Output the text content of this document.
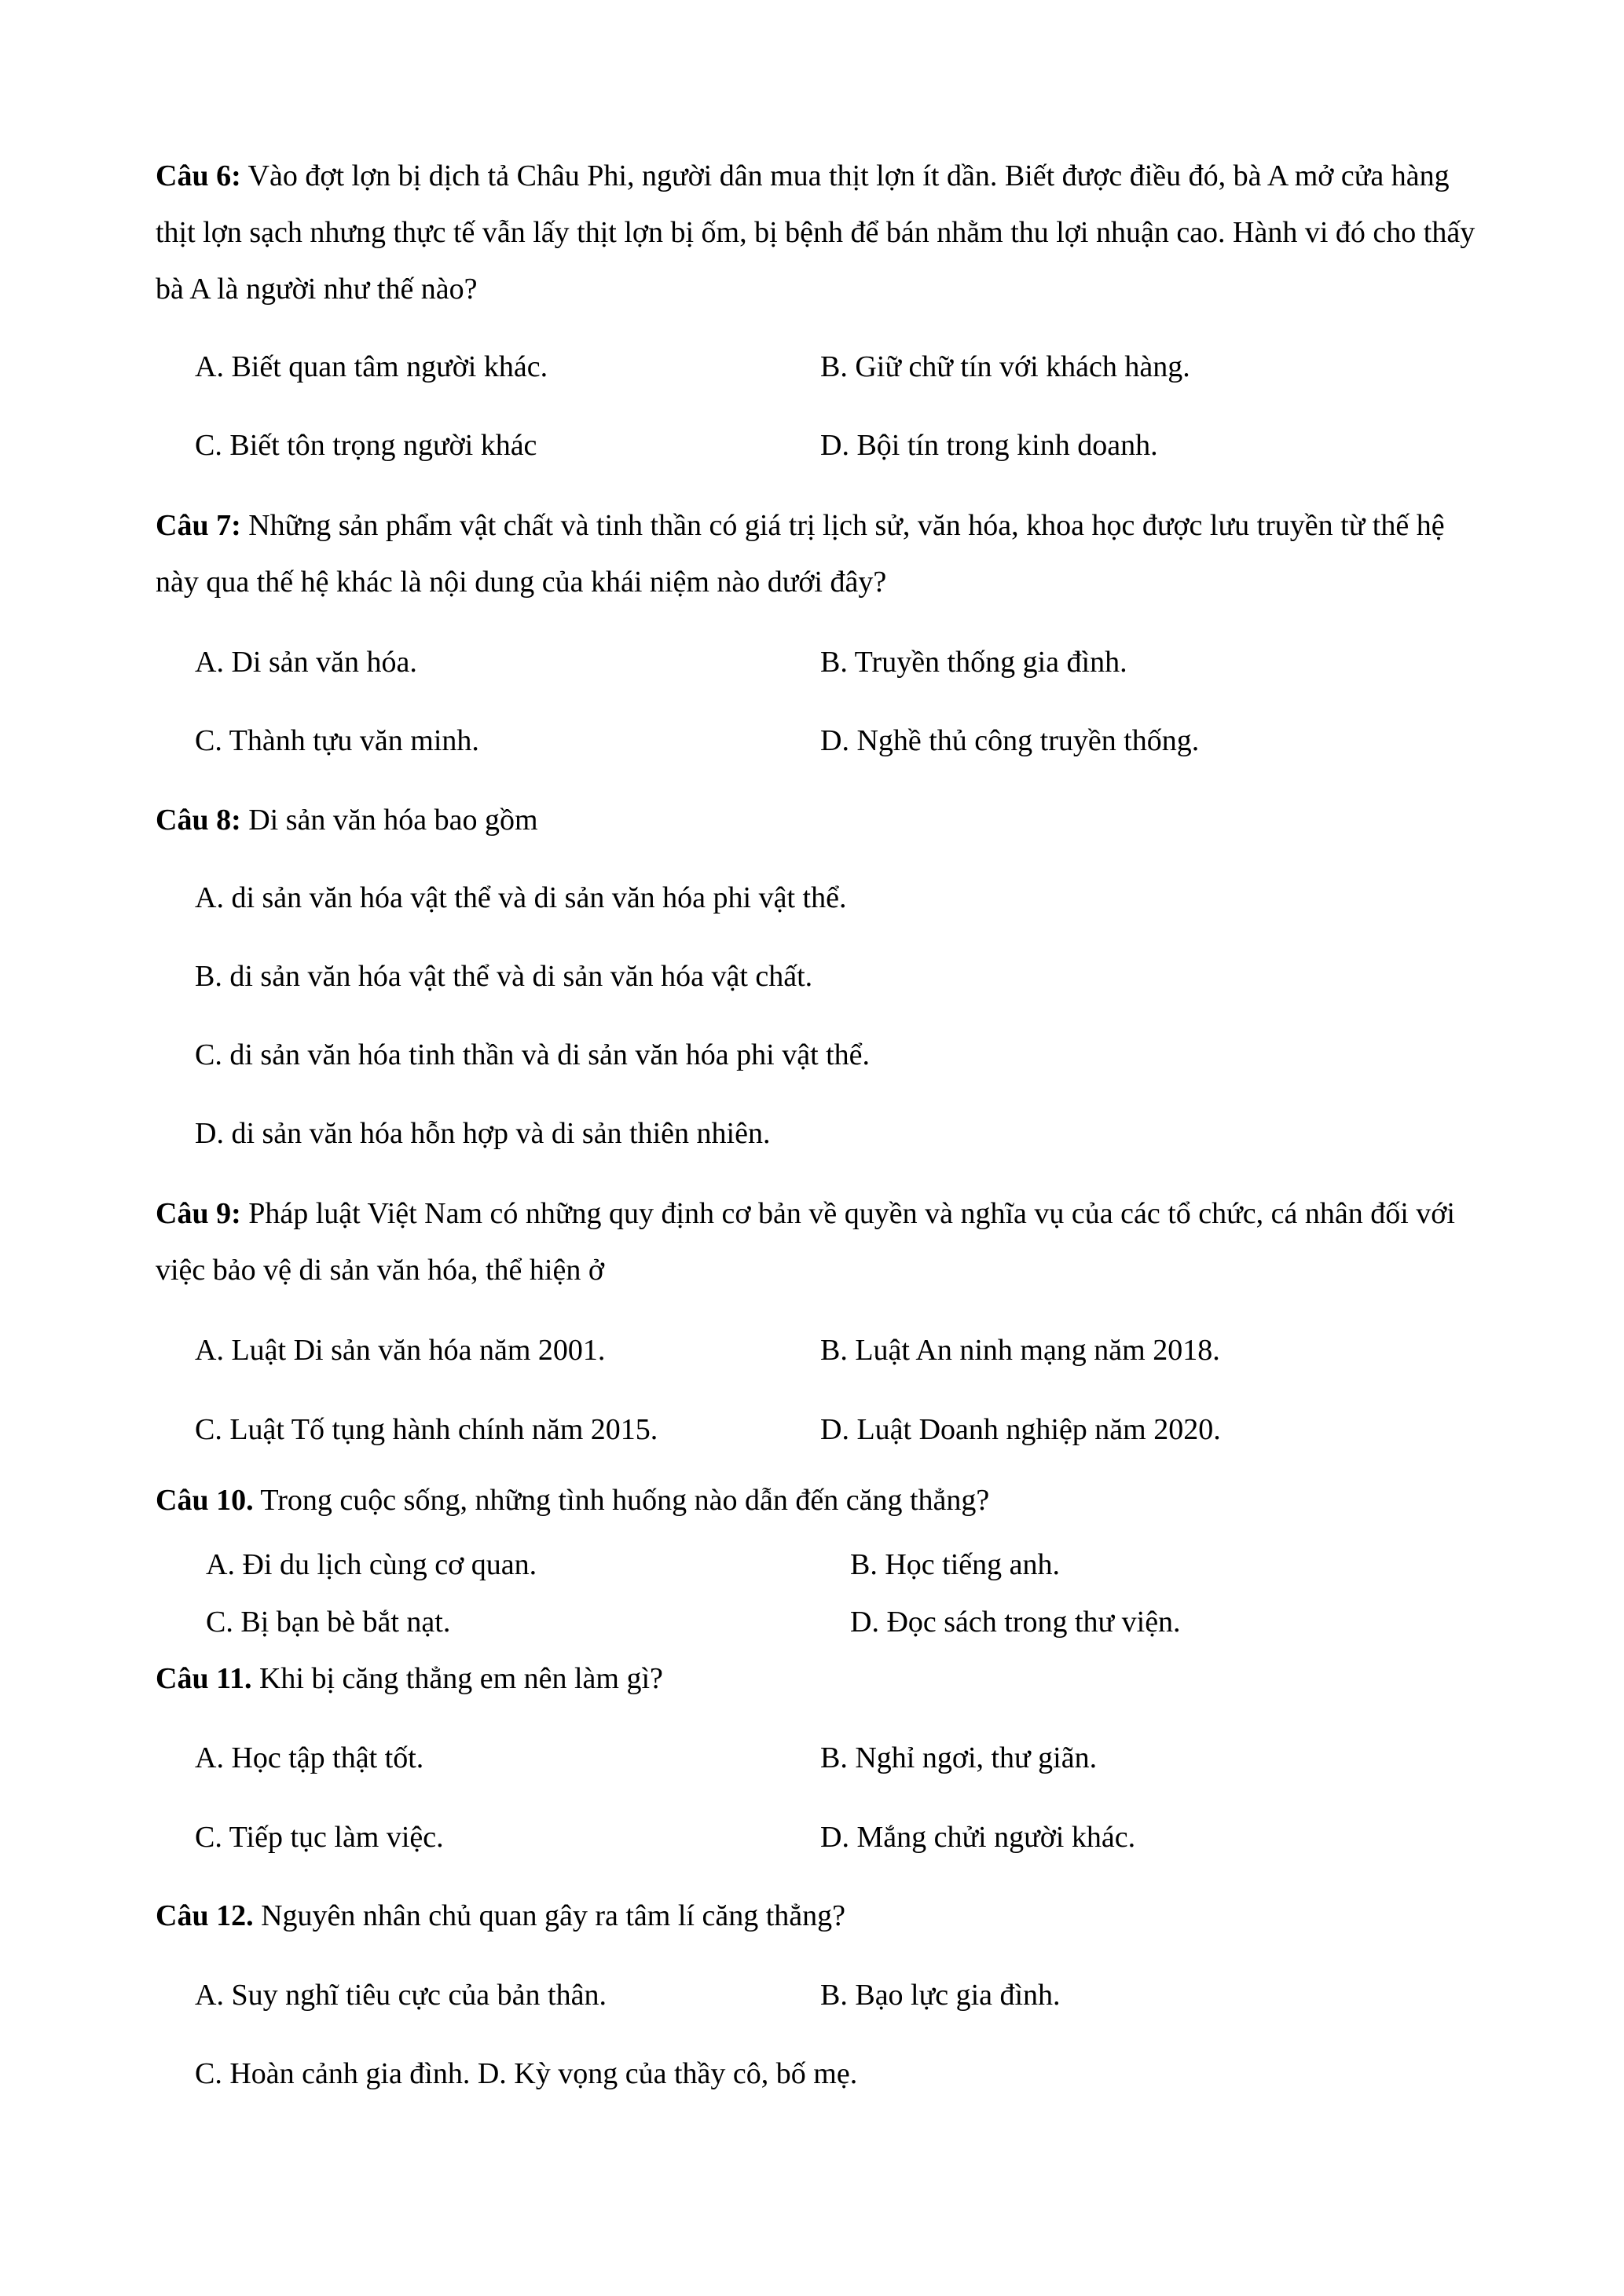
Câu 6: Vào đợt lợn bị dịch tả Châu Phi, người dân mua thịt lợn ít dần. Biết được điều đó, bà A mở cửa hàng thịt lợn sạch nhưng thực tế vẫn lấy thịt lợn bị ốm, bị bệnh để bán nhằm thu lợi nhuận cao. Hành vi đó cho thấy bà A là người như thế nào?
A. Biết quan tâm người khác.	B. Giữ chữ tín với khách hàng.
C. Biết tôn trọng người khác	D. Bội tín trong kinh doanh.
Câu 7: Những sản phẩm vật chất và tinh thần có giá trị lịch sử, văn hóa, khoa học được lưu truyền từ thế hệ này qua thế hệ khác là nội dung của khái niệm nào dưới đây?
A. Di sản văn hóa.	B. Truyền thống gia đình.
C. Thành tựu văn minh.	D. Nghề thủ công truyền thống.
Câu 8: Di sản văn hóa bao gồm
A. di sản văn hóa vật thể và di sản văn hóa phi vật thể.
B. di sản văn hóa vật thể và di sản văn hóa vật chất.
C. di sản văn hóa tinh thần và di sản văn hóa phi vật thể.
D. di sản văn hóa hỗn hợp và di sản thiên nhiên.
Câu 9: Pháp luật Việt Nam có những quy định cơ bản về quyền và nghĩa vụ của các tổ chức, cá nhân đối với việc bảo vệ di sản văn hóa, thể hiện ở
A. Luật Di sản văn hóa năm 2001.	B. Luật An ninh mạng năm 2018.
C. Luật Tố tụng hành chính năm 2015.	D. Luật Doanh nghiệp năm 2020.
Câu 10. Trong cuộc sống, những tình huống nào dẫn đến căng thẳng?
A. Đi du lịch cùng cơ quan.	B. Học tiếng anh.
C. Bị bạn bè bắt nạt.	D. Đọc sách trong thư viện.
Câu 11. Khi bị căng thẳng em nên làm gì?
A. Học tập thật tốt.	B. Nghỉ ngơi, thư giãn.
C. Tiếp tục làm việc.	D. Mắng chửi người khác.
Câu 12. Nguyên nhân chủ quan gây ra tâm lí căng thẳng?
A. Suy nghĩ tiêu cực của bản thân.	B. Bạo lực gia đình.
C. Hoàn cảnh gia đình. D. Kỳ vọng của thầy cô, bố mẹ.
